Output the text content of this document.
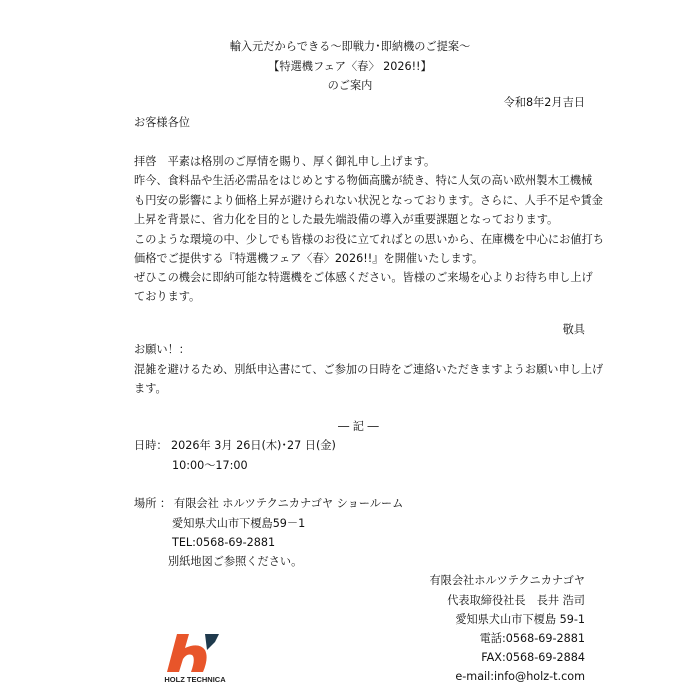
輸入元だからできる～即戦力･即納機のご提案～
【特選機フェア〈春〉 2026!!】
のご案内
令和8年2月吉日
お客様各位
拝啓　平素は格別のご厚情を賜り、厚く御礼申し上げます。
昨今、食料品や生活必需品をはじめとする物価高騰が続き、特に人気の高い欧州製木工機械
も円安の影響により価格上昇が避けられない状況となっております。さらに、人手不足や賃金
上昇を背景に、省力化を目的とした最先端設備の導入が重要課題となっております。
このような環境の中、少しでも皆様のお役に立てればとの思いから、在庫機を中心にお値打ち
価格でご提供する『特選機フェア〈春〉2026!!』を開催いたします。
ぜひこの機会に即納可能な特選機をご体感ください。皆様のご来場を心よりお待ち申し上げ
ております。
敬具
お願い！：
混雑を避けるため、別紙申込書にて、ご参加の日時をご連絡いただきますようお願い申し上げ
ます。
― 記 ―
日時： 2026年 3月 26日(木)･27 日(金)
10:00～17:00
場所 ： 有限会社 ホルツテクニカナゴヤ ショールーム
愛知県犬山市下榎島59－1
TEL:0568-69-2881
別紙地図ご参照ください。
有限会社ホルツテクニカナゴヤ
代表取締役社長　長井 浩司
愛知県犬山市下榎島 59-1
電話:0568-69-2881
FAX:0568-69-2884
e-mail:info@holz-t.com
HOLZ TECHNICA
